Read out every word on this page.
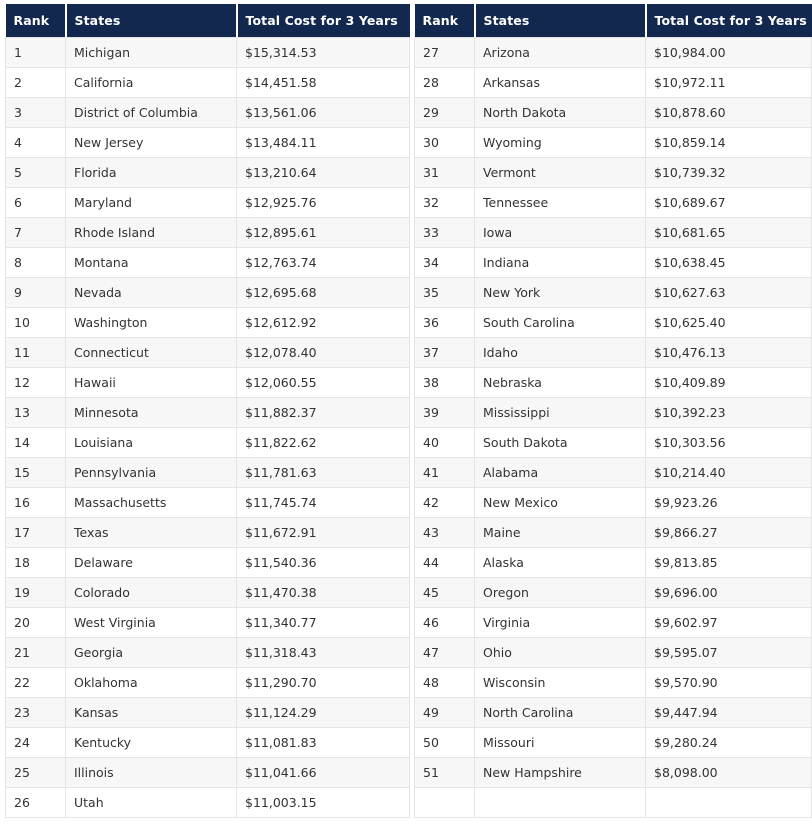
Rank	States	Total Cost for 3 Years
1	Michigan	$15,314.53
2	California	$14,451.58
3	District of Columbia	$13,561.06
4	New Jersey	$13,484.11
5	Florida	$13,210.64
6	Maryland	$12,925.76
7	Rhode Island	$12,895.61
8	Montana	$12,763.74
9	Nevada	$12,695.68
10	Washington	$12,612.92
11	Connecticut	$12,078.40
12	Hawaii	$12,060.55
13	Minnesota	$11,882.37
14	Louisiana	$11,822.62
15	Pennsylvania	$11,781.63
16	Massachusetts	$11,745.74
17	Texas	$11,672.91
18	Delaware	$11,540.36
19	Colorado	$11,470.38
20	West Virginia	$11,340.77
21	Georgia	$11,318.43
22	Oklahoma	$11,290.70
23	Kansas	$11,124.29
24	Kentucky	$11,081.83
25	Illinois	$11,041.66
26	Utah	$11,003.15
Rank	States	Total Cost for 3 Years
27	Arizona	$10,984.00
28	Arkansas	$10,972.11
29	North Dakota	$10,878.60
30	Wyoming	$10,859.14
31	Vermont	$10,739.32
32	Tennessee	$10,689.67
33	Iowa	$10,681.65
34	Indiana	$10,638.45
35	New York	$10,627.63
36	South Carolina	$10,625.40
37	Idaho	$10,476.13
38	Nebraska	$10,409.89
39	Mississippi	$10,392.23
40	South Dakota	$10,303.56
41	Alabama	$10,214.40
42	New Mexico	$9,923.26
43	Maine	$9,866.27
44	Alaska	$9,813.85
45	Oregon	$9,696.00
46	Virginia	$9,602.97
47	Ohio	$9,595.07
48	Wisconsin	$9,570.90
49	North Carolina	$9,447.94
50	Missouri	$9,280.24
51	New Hampshire	$8,098.00
